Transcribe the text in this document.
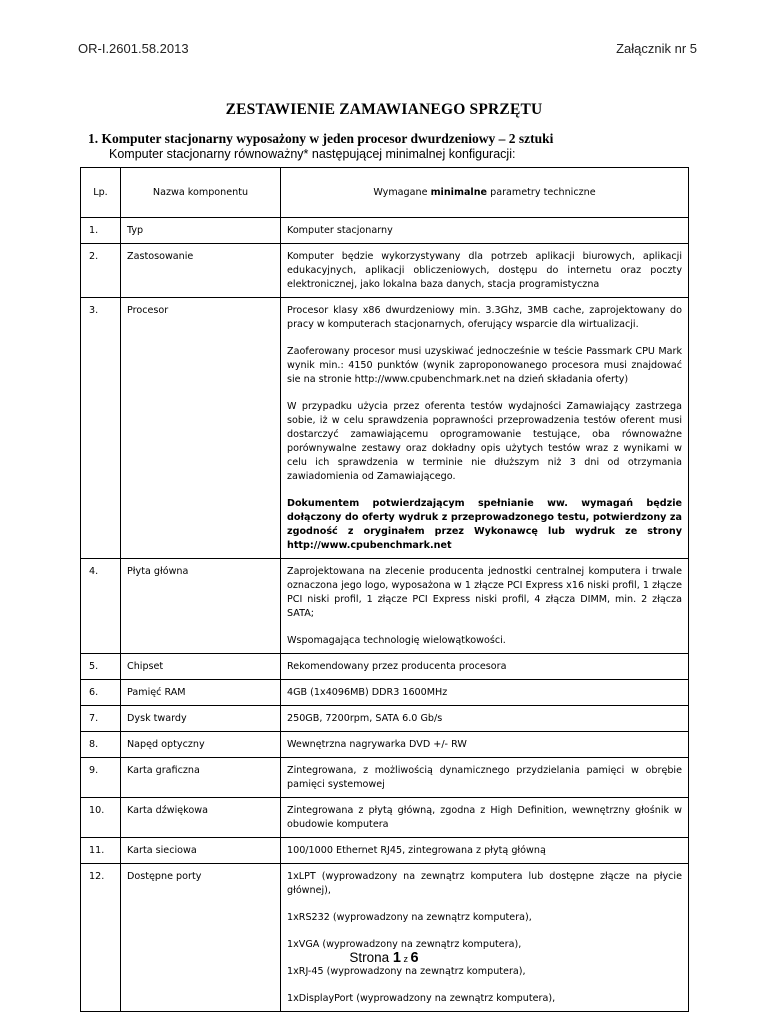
OR-I.2601.58.2013	Załącznik nr 5
ZESTAWIENIE ZAMAWIANEGO SPRZĘTU
1. Komputer stacjonarny wyposażony w jeden procesor dwurdzeniowy – 2 sztuki
Komputer stacjonarny równoważny* następującej minimalnej konfiguracji:
Lp.	Nazwa komponentu	Wymagane minimalne parametry techniczne
1.	Typ	Komputer stacjonarny

2.	Zastosowanie	Komputer będzie wykorzystywany dla potrzeb aplikacji biurowych, aplikacji edukacyjnych, aplikacji obliczeniowych, dostępu do internetu oraz poczty elektronicznej, jako lokalna baza danych, stacja programistyczna

3.	Procesor	Procesor klasy x86 dwurdzeniowy min. 3.3Ghz, 3MB cache, zaprojektowany do pracy w komputerach stacjonarnych, oferujący wsparcie dla wirtualizacji.

Zaoferowany procesor musi uzyskiwać jednocześnie w teście Passmark CPU Mark wynik min.: 4150 punktów (wynik zaproponowanego procesora musi znajdować sie na stronie http://www.cpubenchmark.net na dzień składania oferty)

W przypadku użycia przez oferenta testów wydajności Zamawiający zastrzega sobie, iż w celu sprawdzenia poprawności przeprowadzenia testów oferent musi dostarczyć zamawiającemu oprogramowanie testujące, oba równoważne porównywalne zestawy oraz dokładny opis użytych testów wraz z wynikami w celu ich sprawdzenia w terminie nie dłuższym niż 3 dni od otrzymania zawiadomienia od Zamawiającego.

Dokumentem potwierdzającym spełnianie ww. wymagań będzie dołączony do oferty wydruk z przeprowadzonego testu, potwierdzony za zgodność z oryginałem przez Wykonawcę lub wydruk ze strony http://www.cpubenchmark.net

4.	Płyta główna	Zaprojektowana na zlecenie producenta jednostki centralnej komputera i trwale oznaczona jego logo, wyposażona w 1 złącze PCI Express x16 niski profil, 1 złącze PCI niski profil, 1 złącze PCI Express niski profil, 4 złącza DIMM, min. 2 złącza SATA;

Wspomagająca technologię wielowątkowości.

5.	Chipset	Rekomendowany przez producenta procesora

6.	Pamięć RAM	4GB (1x4096MB) DDR3 1600MHz

7.	Dysk twardy	250GB, 7200rpm, SATA 6.0 Gb/s

8.	Napęd optyczny	Wewnętrzna nagrywarka DVD +/- RW

9.	Karta graficzna	Zintegrowana, z możliwością dynamicznego przydzielania pamięci w obrębie pamięci systemowej

10.	Karta dźwiękowa	Zintegrowana z płytą główną, zgodna z High Definition, wewnętrzny głośnik w obudowie komputera

11.	Karta sieciowa	100/1000 Ethernet RJ45, zintegrowana z płytą główną

12.	Dostępne porty	1xLPT (wyprowadzony na zewnątrz komputera lub dostępne złącze na płycie głównej),

1xRS232 (wyprowadzony na zewnątrz komputera),

1xVGA (wyprowadzony na zewnątrz komputera),

1xRJ-45 (wyprowadzony na zewnątrz komputera),

1xDisplayPort (wyprowadzony na zewnątrz komputera),

Strona 1 z 6
